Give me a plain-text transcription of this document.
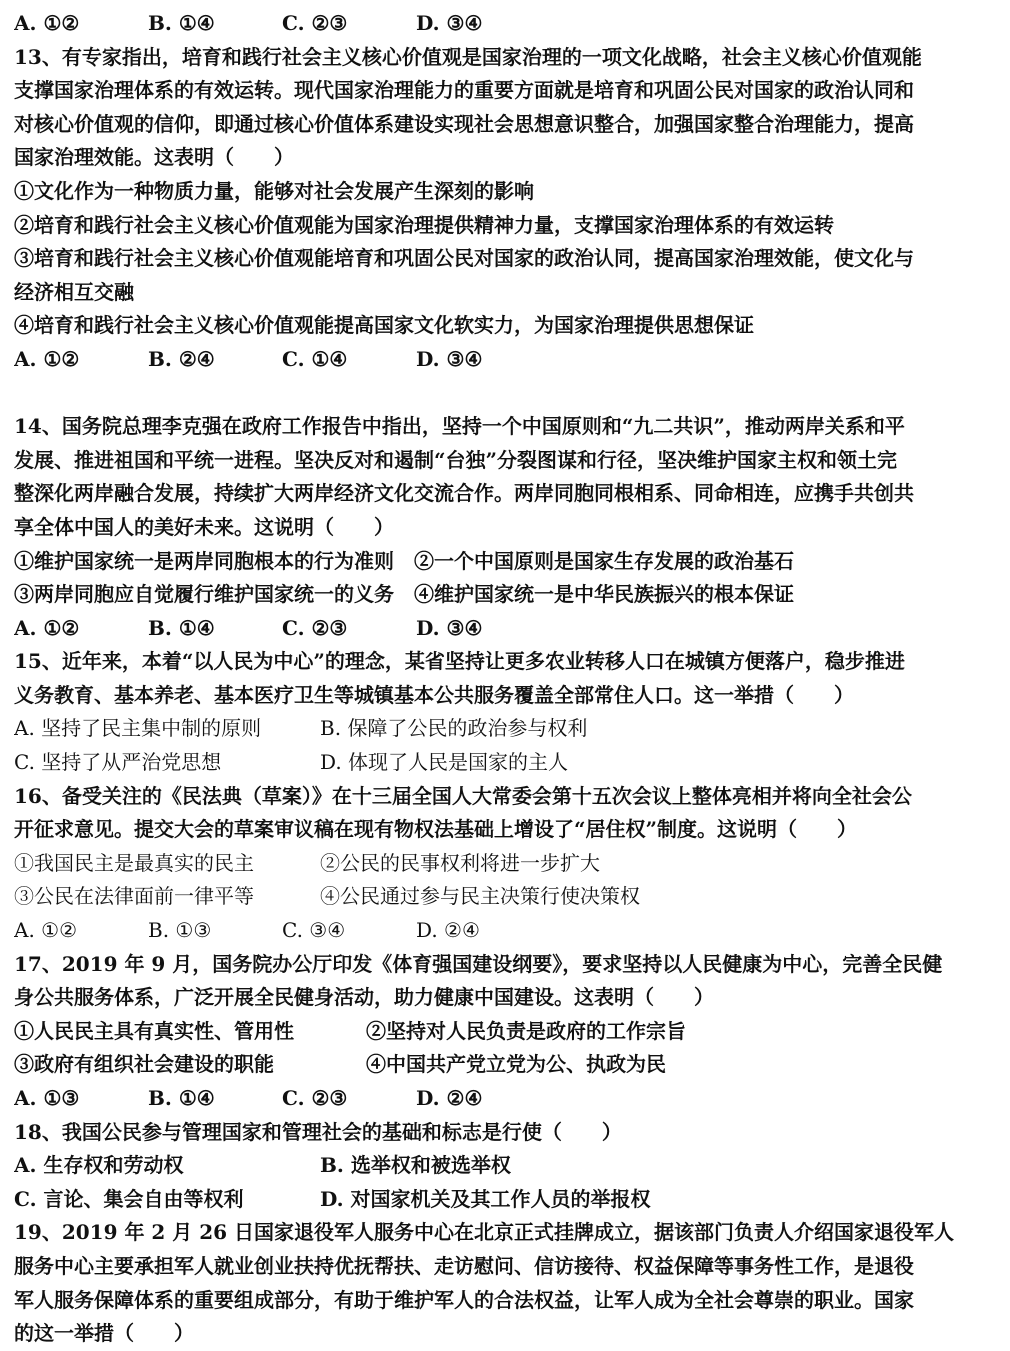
A. ①②	B. ①④	C. ②③	D. ③④
13、有专家指出，培育和践行社会主义核心价值观是国家治理的一项文化战略，社会主义核心价值观能
支撑国家治理体系的有效运转。现代国家治理能力的重要方面就是培育和巩固公民对国家的政治认同和
对核心价值观的信仰，即通过核心价值体系建设实现社会思想意识整合，加强国家整合治理能力，提高
国家治理效能。这表明（　　）
①文化作为一种物质力量，能够对社会发展产生深刻的影响
②培育和践行社会主义核心价值观能为国家治理提供精神力量，支撑国家治理体系的有效运转
③培育和践行社会主义核心价值观能培育和巩固公民对国家的政治认同，提高国家治理效能，使文化与
经济相互交融
④培育和践行社会主义核心价值观能提高国家文化软实力，为国家治理提供思想保证
A. ①②	B. ②④	C. ①④	D. ③④
14、国务院总理李克强在政府工作报告中指出，坚持一个中国原则和“九二共识”，推动两岸关系和平
发展、推进祖国和平统一进程。坚决反对和遏制“台独”分裂图谋和行径，坚决维护国家主权和领土完
整深化两岸融合发展，持续扩大两岸经济文化交流合作。两岸同胞同根相系、同命相连，应携手共创共
享全体中国人的美好未来。这说明（　　）
①维护国家统一是两岸同胞根本的行为准则　②一个中国原则是国家生存发展的政治基石
③两岸同胞应自觉履行维护国家统一的义务　④维护国家统一是中华民族振兴的根本保证
A. ①②	B. ①④	C. ②③	D. ③④
15、近年来，本着“以人民为中心”的理念，某省坚持让更多农业转移人口在城镇方便落户，稳步推进
义务教育、基本养老、基本医疗卫生等城镇基本公共服务覆盖全部常住人口。这一举措（　　）
A. 坚持了民主集中制的原则	B. 保障了公民的政治参与权利
C. 坚持了从严治党思想	D. 体现了人民是国家的主人
16、备受关注的《民法典（草案）》在十三届全国人大常委会第十五次会议上整体亮相并将向全社会公
开征求意见。提交大会的草案审议稿在现有物权法基础上增设了“居住权”制度。这说明（　　）
①我国民主是最真实的民主	②公民的民事权利将进一步扩大
③公民在法律面前一律平等	④公民通过参与民主决策行使决策权
A. ①②	B. ①③	C. ③④	D. ②④
17、2019 年 9 月，国务院办公厅印发《体育强国建设纲要》，要求坚持以人民健康为中心，完善全民健
身公共服务体系，广泛开展全民健身活动，助力健康中国建设。这表明（　　）
①人民民主具有真实性、管用性	②坚持对人民负责是政府的工作宗旨
③政府有组织社会建设的职能	④中国共产党立党为公、执政为民
A. ①③	B. ①④	C. ②③	D. ②④
18、我国公民参与管理国家和管理社会的基础和标志是行使（　　）
A. 生存权和劳动权	B. 选举权和被选举权
C. 言论、集会自由等权利	D. 对国家机关及其工作人员的举报权
19、2019 年 2 月 26 日国家退役军人服务中心在北京正式挂牌成立，据该部门负责人介绍国家退役军人
服务中心主要承担军人就业创业扶持优抚帮扶、走访慰问、信访接待、权益保障等事务性工作，是退役
军人服务保障体系的重要组成部分，有助于维护军人的合法权益，让军人成为全社会尊崇的职业。国家
的这一举措（　　）
